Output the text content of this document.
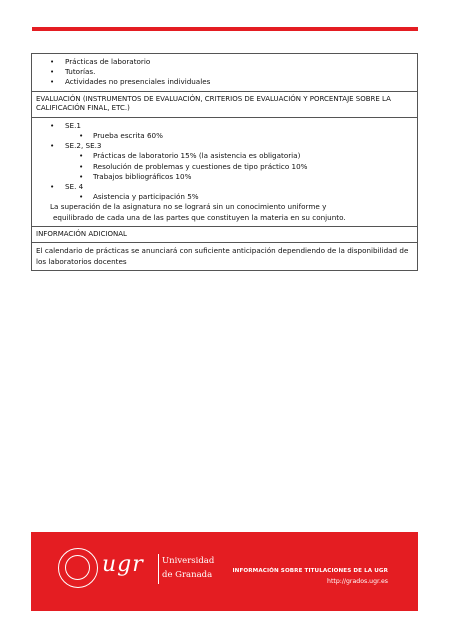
• Prácticas de laboratorio
• Tutorías.
• Actividades no presenciales individuales
EVALUACIÓN (INSTRUMENTOS DE EVALUACIÓN, CRITERIOS DE EVALUACIÓN Y PORCENTAJE SOBRE LA CALIFICACIÓN FINAL, ETC.)
• SE.1
• Prueba escrita 60%
• SE.2, SE.3
• Prácticas de laboratorio 15% (la asistencia es obligatoria)
• Resolución de problemas y cuestiones de tipo práctico 10%
• Trabajos bibliográficos 10%
• SE. 4
• Asistencia y participación 5%
La superación de la asignatura no se logrará sin un conocimiento uniforme y
equilibrado de cada una de las partes que constituyen la materia en su conjunto.
INFORMACIÓN ADICIONAL
El calendario de prácticas se anunciará con suficiente anticipación dependiendo de la disponibilidad de los laboratorios docentes
ugr Universidad
de Granada	INFORMACIÓN SOBRE TITULACIONES DE LA UGR
http://grados.ugr.es
